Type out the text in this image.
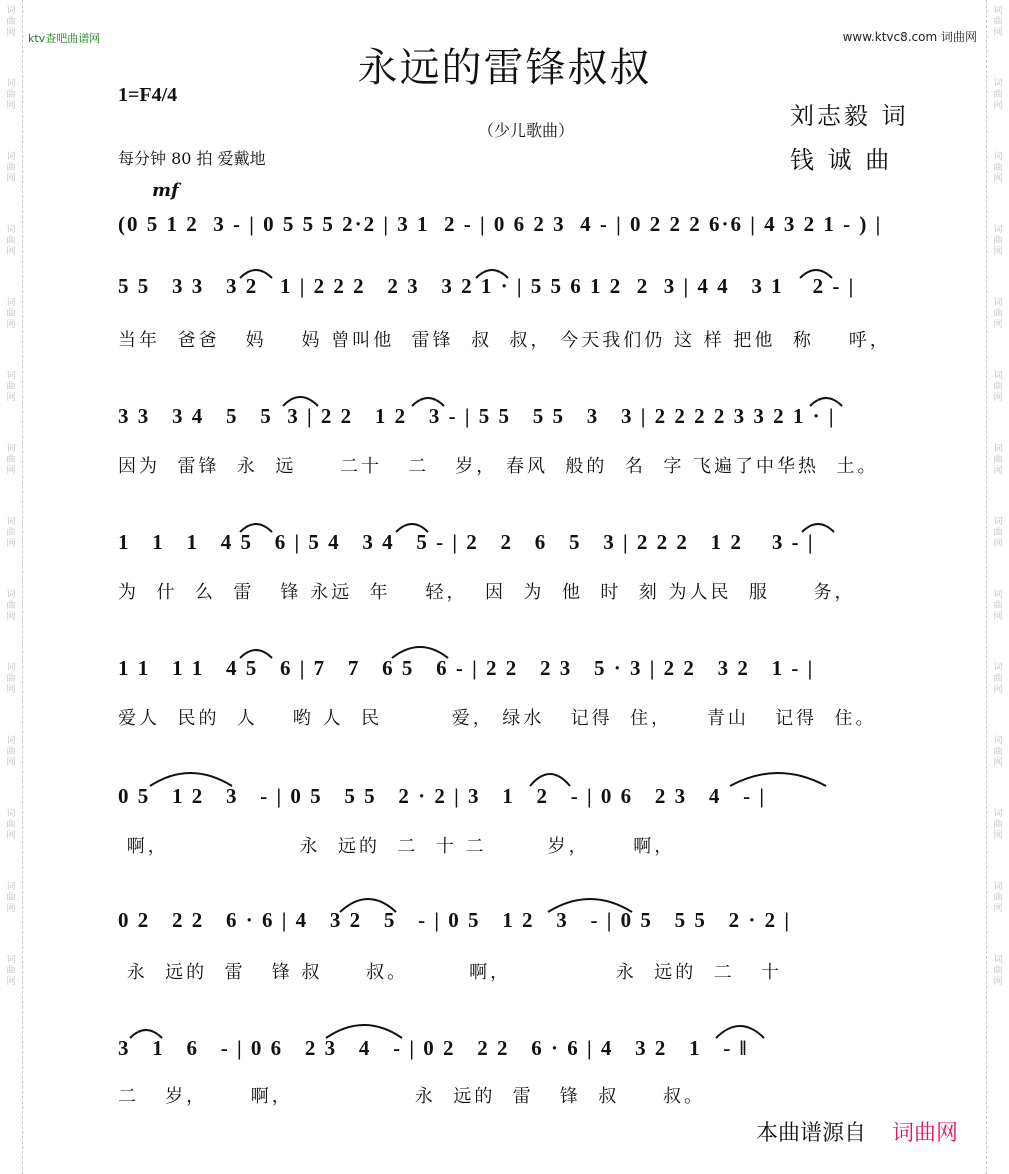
词曲网
词曲网
词曲网
词曲网
词曲网
词曲网
词曲网
词曲网
词曲网
词曲网
词曲网
词曲网
词曲网
词曲网
词曲网
词曲网
词曲网
词曲网
词曲网
词曲网
词曲网
词曲网
词曲网
词曲网
词曲网
词曲网
词曲网
词曲网
ktv查吧曲谱网	www.ktvc8.com 词曲网
永远的雷锋叔叔
1=F4/4
（少儿歌曲）
每分钟 80 拍 爱戴地
刘志毅 词
钱 诚 曲
mf
(0 5 1 2  3 - | 0 5 5 5 2·2 | 3 1  2 - | 0 6 2 3  4 - | 0 2 2 2 6·6 | 4 3 2 1 - ) |
5 5   3 3   3 2   1 | 2 2 2   2 3   3 2 1 · | 5 5 6 1 2  2  3 | 4 4   3 1    2 - |
当年  爸爸   妈    妈 曾叫他  雷锋  叔  叔， 今天我们仍 这 样 把他  称    呼，
3 3   3 4   5   5  3 | 2 2   1 2   3 - | 5 5   5 5   3   3 | 2 2 2 2 3 3 2 1 · |
因为  雷锋  永  远     二十   二   岁， 春风  般的  名  字 飞遍了中华热  土。
1   1   1   4 5   6 | 5 4   3 4   5 - | 2   2   6   5   3 | 2 2 2   1 2    3 - |
为  什  么  雷   锋 永远  年    轻，  因  为  他  时  刻 为人民  服     务，
1 1   1 1   4 5   6 | 7   7   6 5   6 - | 2 2   2 3   5 · 3 | 2 2   3 2   1 - |
爱人  民的  人    哟 人  民        爱， 绿水   记得  住，    青山   记得  住。
0 5   1 2   3   - | 0 5   5 5   2 · 2 | 3   1   2   - | 0 6   2 3   4   - |
啊，               永  远的  二  十 二       岁，     啊，
0 2   2 2   6 · 6 | 4   3 2   5   - | 0 5   1 2   3   - | 0 5   5 5   2 · 2 |
永  远的  雷   锋 叔     叔。       啊，            永  远的  二   十
3   1   6   - | 0 6   2 3   4   - | 0 2   2 2   6 · 6 | 4   3 2   1   - ‖
二   岁，     啊，              永  远的  雷   锋  叔     叔。
本曲谱源自 词曲网
